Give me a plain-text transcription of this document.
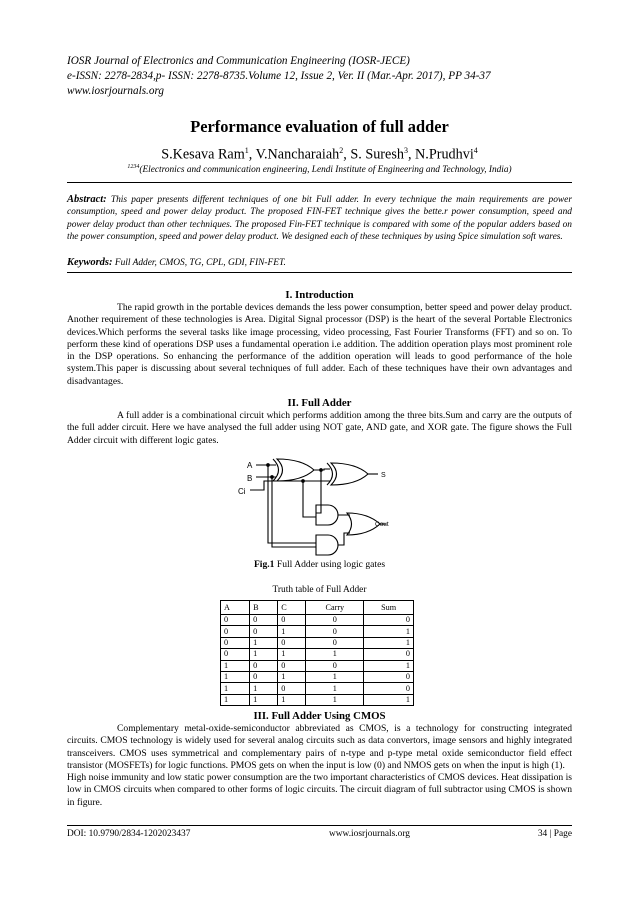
IOSR Journal of Electronics and Communication Engineering (IOSR-JECE)
e-ISSN: 2278-2834,p- ISSN: 2278-8735.Volume 12, Issue 2, Ver. II (Mar.-Apr. 2017), PP 34-37
www.iosrjournals.org
Performance evaluation of full adder
S.Kesava Ram$^1$, V.Nancharaiah$^2$, S. Suresh$^3$, N.Prudhvi$^4$
$^{1234}$(Electronics and communication engineering, Lendi Institute of Engineering and Technology, India)
Abstract: This paper presents different techniques of one bit Full adder. In every technique the main requirements are power consumption, speed and power delay product. The proposed FIN-FET technique gives the bette.r power consumption, speed and power delay product than other techniques. The proposed Fin-FET technique is compared with some of the popular adders based on the power consumption, speed and power delay product. We designed each of these techniques by using Spice simulation soft wares.
Keywords: Full Adder, CMOS, TG, CPL, GDI, FIN-FET.
I. Introduction
The rapid growth in the portable devices demands the less power consumption, better speed and power delay product. Another requirement of these technologies is Area. Digital Signal processor (DSP) is the heart of the several Portable Electronics devices.Which performs the several tasks like image processing, video processing, Fast Fourier Transforms (FFT) and so on. To perform these kind of operations DSP uses a fundamental operation i.e addition. The addition operation plays most prominent role in the DSP operations. So enhancing the performance of the addition operation will leads to good performance of the hole system.This paper is discussing about several techniques of full adder. Each of these techniques have their own advantages and disadvantages.
II. Full Adder
A full adder is a combinational circuit which performs addition among the three bits.Sum and carry are the outputs of the full adder circuit. Here we have analysed the full adder using NOT gate, AND gate, and XOR gate. The figure shows the Full Adder circuit with different logic gates.
A
B
Ci
S
Cout
Fig.1 Full Adder using logic gates
Truth table of Full Adder
A	B	C	Carry	Sum
0	0	0	0	0
0	0	1	0	1
0	1	0	0	1
0	1	1	1	0
1	0	0	0	1
1	0	1	1	0
1	1	0	1	0
1	1	1	1	1
III. Full Adder Using CMOS
Complementary metal-oxide-semiconductor abbreviated as CMOS, is a technology for constructing integrated circuits. CMOS technology is widely used for several analog circuits such as data convertors, image sensors and highly integrated transceivers. CMOS uses symmetrical and complementary pairs of n-type and p-type metal oxide semiconductor field effect transistor (MOSFETs) for logic functions. PMOS gets on when the input is low (0) and NMOS gets on when the input is high (1).
High noise immunity and low static power consumption are the two important characteristics of CMOS devices. Heat dissipation is low in CMOS circuits when compared to other forms of logic circuits. The circuit diagram of full subtractor using CMOS is shown in figure.
DOI: 10.9790/2834-1202023437	www.iosrjournals.org	34 | Page
